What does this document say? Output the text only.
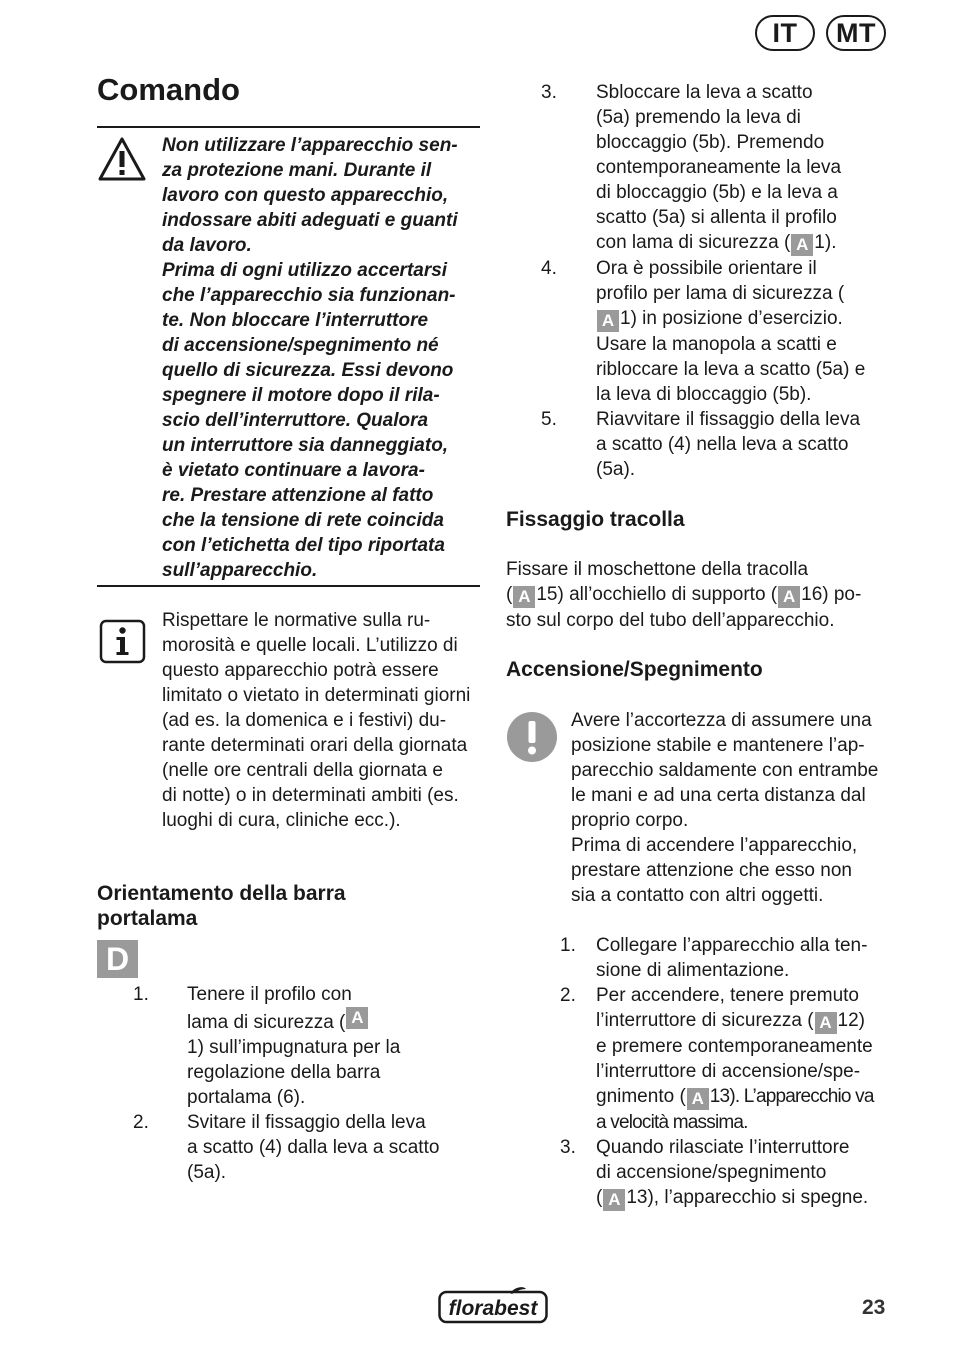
IT	MT
Comando
Non utilizzare l’apparecchio sen-
za protezione mani. Durante il
lavoro con questo apparecchio,
indossare abiti adeguati e guanti
da lavoro.
Prima di ogni utilizzo accertarsi
che l’apparecchio sia funzionan-
te. Non bloccare l’interruttore
di accensione/spegnimento né
quello di sicurezza. Essi devono
spegnere il motore dopo il rila-
scio dell’interruttore. Qualora
un interruttore sia danneggiato,
è vietato continuare a lavora-
re. Prestare attenzione al fatto
che la tensione di rete coincida
con l’etichetta del tipo riportata
sull’apparecchio.
Rispettare le normative sulla ru-
morosità e quelle locali. L’utilizzo di
questo apparecchio potrà essere
limitato o vietato in determinati giorni
(ad es. la domenica e i festivi) du-
rante determinati orari della giornata
(nelle ore centrali della giornata e
di notte) o in determinati ambiti (es.
luoghi di cura, cliniche ecc.).
Orientamento della barra
portalama
D
1. Tenere il profilo con
lama di sicurezza ( A
1) sull’impugnatura per la
regolazione della barra
portalama (6).
2. Svitare il fissaggio della leva
a scatto (4) dalla leva a scatto
(5a).
3. Sbloccare la leva a scatto
(5a) premendo la leva di
bloccaggio (5b). Premendo
contemporaneamente la leva
di bloccaggio (5b) e la leva a
scatto (5a) si allenta il profilo
con lama di sicurezza ( A 1).
4. Ora è possibile orientare il
profilo per lama di sicurezza (
A 1) in posizione d’esercizio.
Usare la manopola a scatti e
ribloccare la leva a scatto (5a) e
la leva di bloccaggio (5b).
5. Riavvitare il fissaggio della leva
a scatto (4) nella leva a scatto
(5a).
Fissaggio tracolla
Fissare il moschettone della tracolla
( A 15) all’occhiello di supporto ( A 16) po-
sto sul corpo del tubo dell’apparecchio.
Accensione/Spegnimento
Avere l’accortezza di assumere una
posizione stabile e mantenere l’ap-
parecchio saldamente con entrambe
le mani e ad una certa distanza dal
proprio corpo.
Prima di accendere l’apparecchio,
prestare attenzione che esso non
sia a contatto con altri oggetti.
1. Collegare l’apparecchio alla ten-
sione di alimentazione.
2. Per accendere, tenere premuto
l’interruttore di sicurezza ( A 12)
e premere contemporaneamente
l’interruttore di accensione/spe-
gnimento ( A 13). L’apparecchio va
a velocità massima.
3. Quando rilasciate l’interruttore
di accensione/spegnimento
( A 13), l’apparecchio si spegne.
florabest	23
